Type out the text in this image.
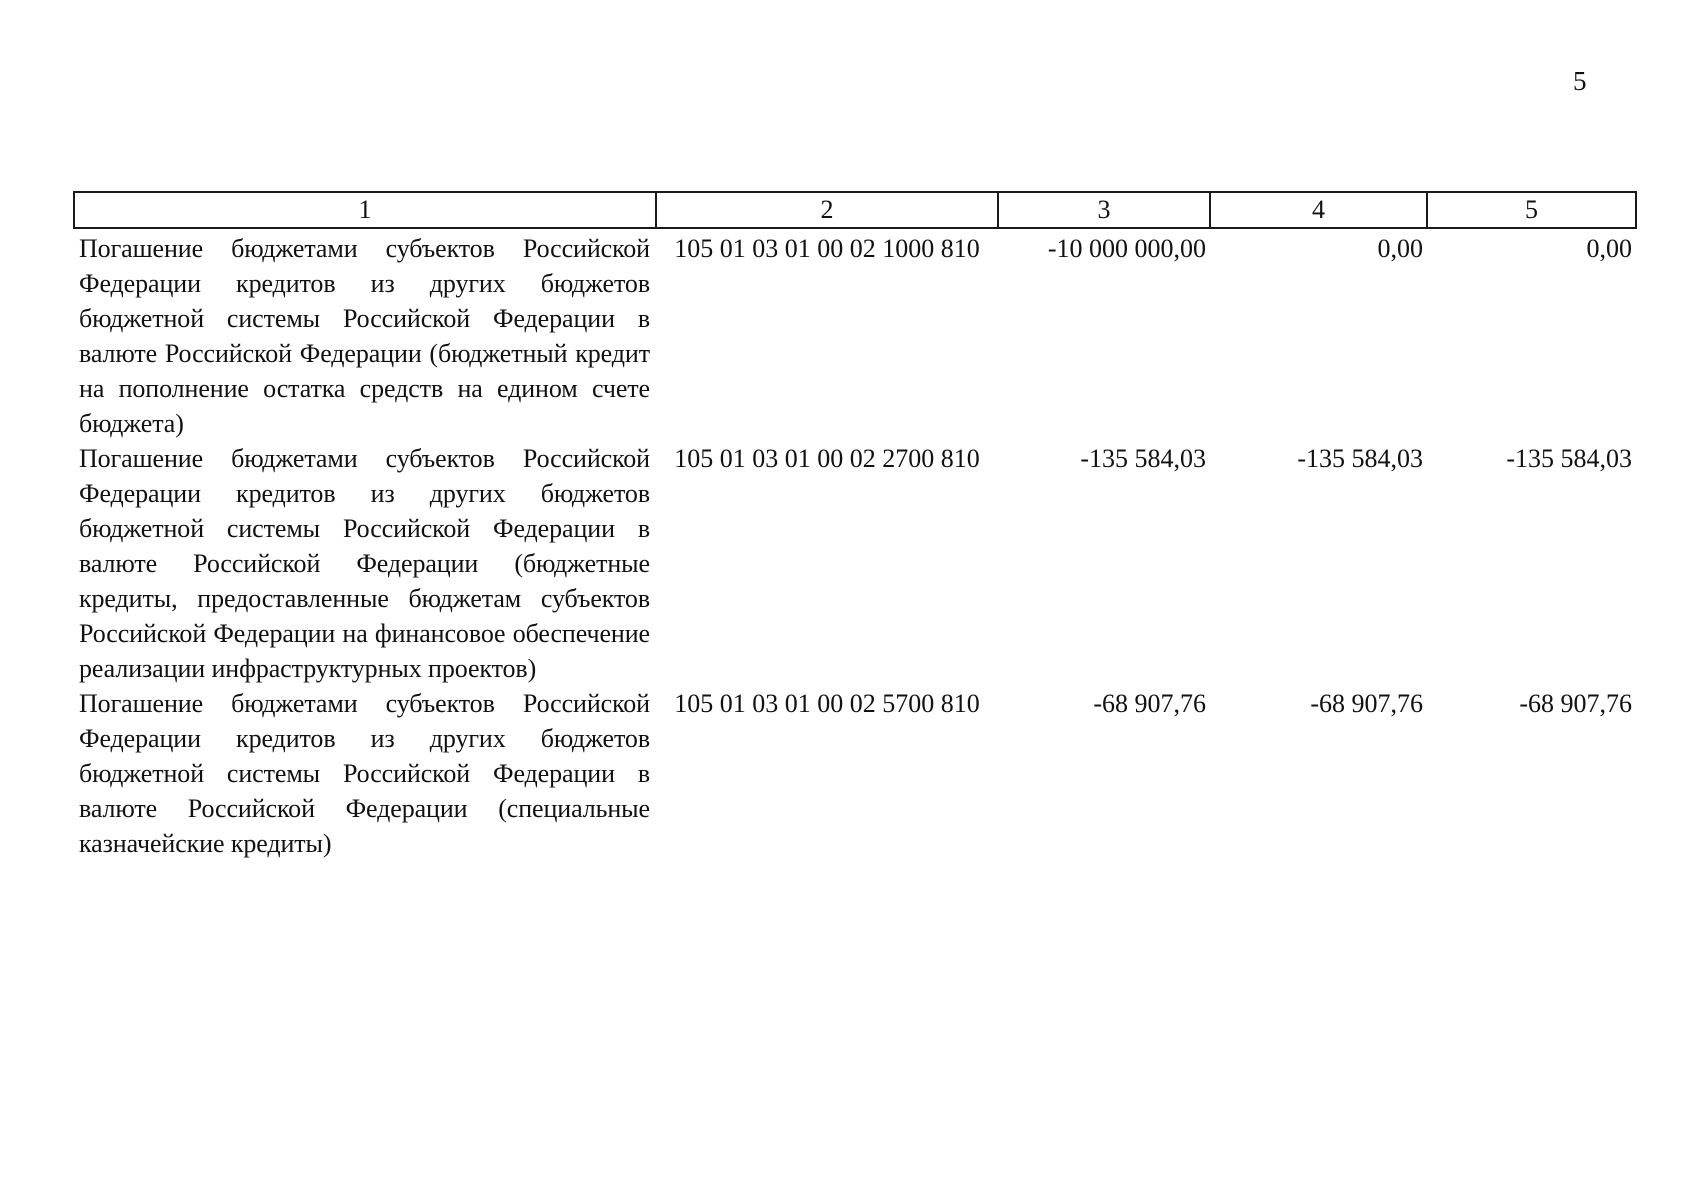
5
1	2	3	4	5
Погашение бюджетами субъектов Российской Федерации кредитов из других бюджетов бюджетной системы Российской Федерации в валюте Российской Федерации (бюджетный кредит на пополнение остатка средств на едином счете бюджета)	105 01 03 01 00 02 1000 810	-10 000 000,00	0,00	0,00
Погашение бюджетами субъектов Российской Федерации кредитов из других бюджетов бюджетной системы Российской Федерации в валюте Российской Федерации (бюджетные кредиты, предоставленные бюджетам субъектов Российской Федерации на финансовое обеспечение реализации инфраструктурных проектов)	105 01 03 01 00 02 2700 810	-135 584,03	-135 584,03	-135 584,03
Погашение бюджетами субъектов Российской Федерации кредитов из других бюджетов бюджетной системы Российской Федерации в валюте Российской Федерации (специальные казначейские кредиты)	105 01 03 01 00 02 5700 810	-68 907,76	-68 907,76	-68 907,76
